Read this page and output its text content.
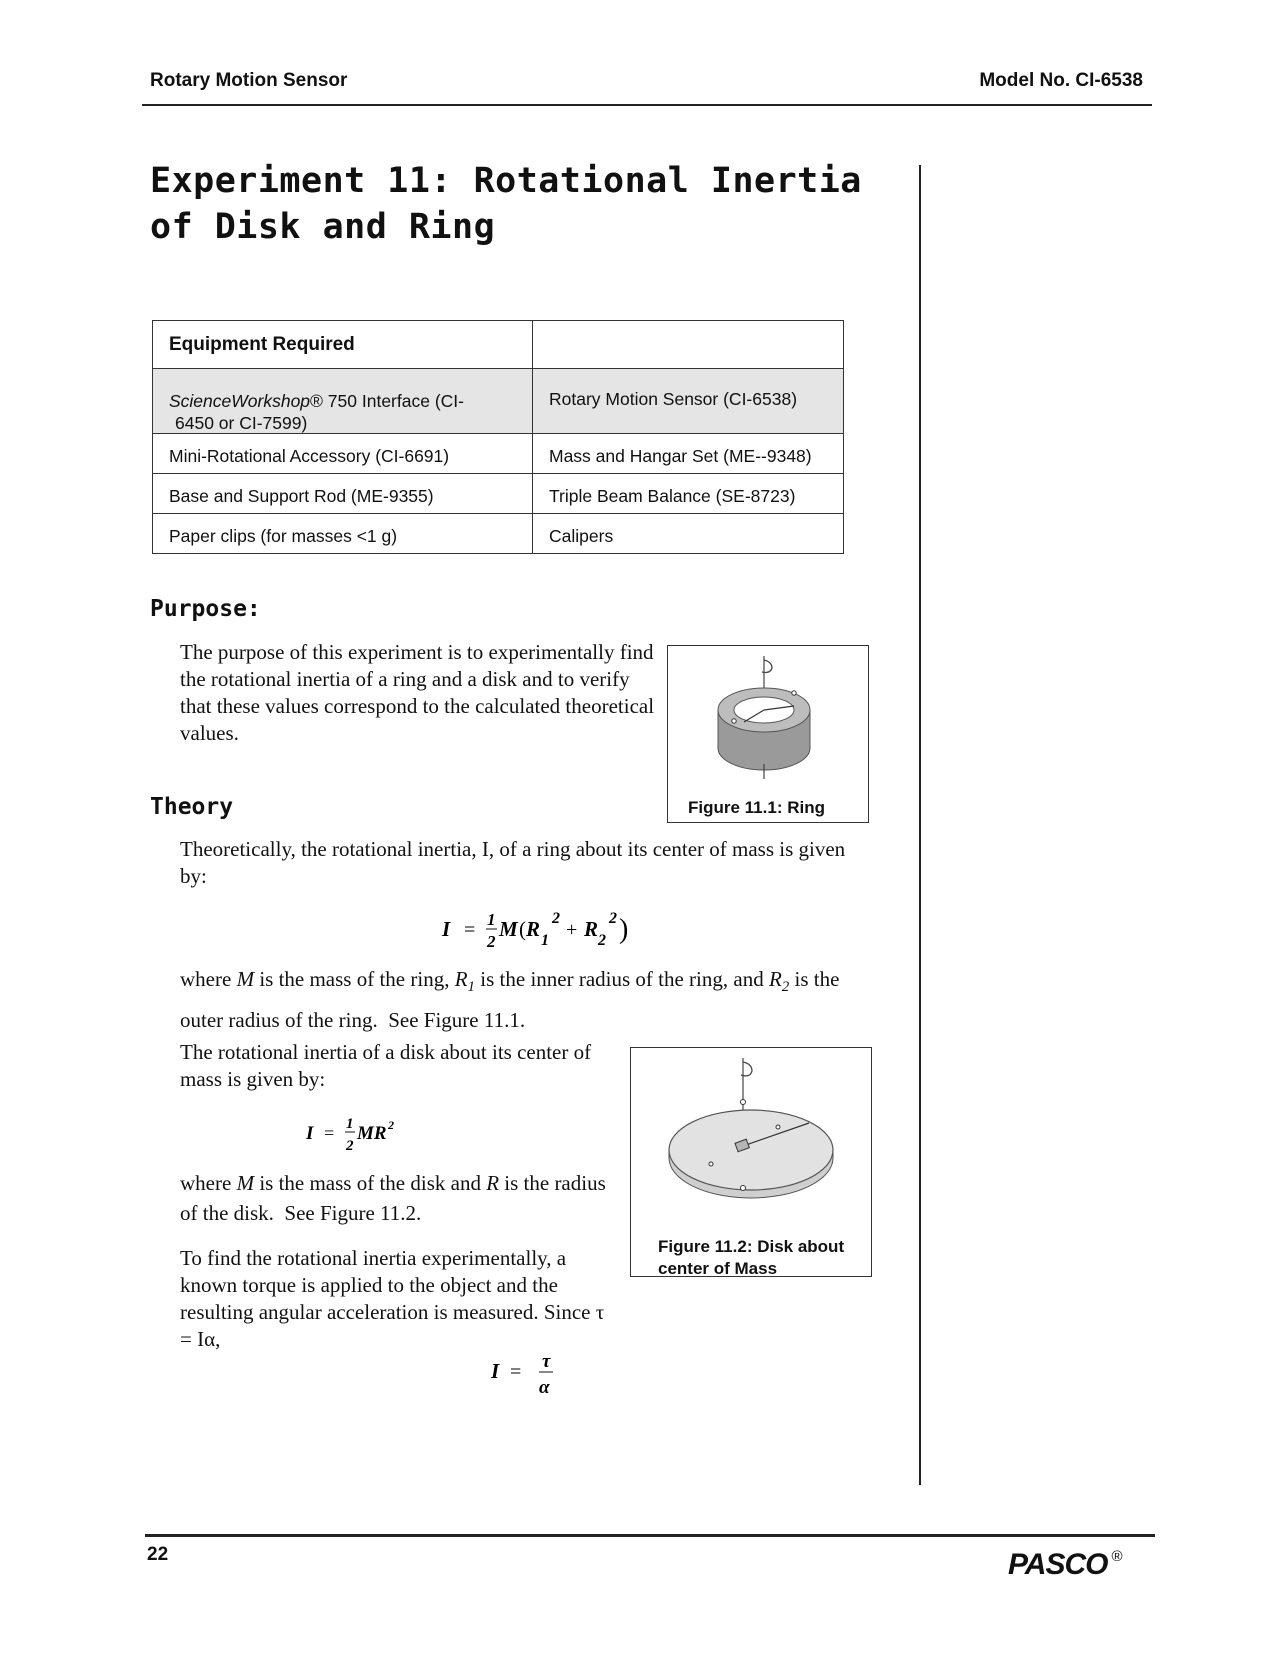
Rotary Motion Sensor	Model No. CI-6538
Experiment 11: Rotational Inertia of Disk and Ring
Equipment Required	

ScienceWorkshop® 750 Interface (CI-
6450 or CI-7599)	Rotary Motion Sensor (CI-6538)
Mini-Rotational Accessory (CI-6691)	Mass and Hangar Set (ME--9348)
Base and Support Rod (ME-9355)	Triple Beam Balance (SE-8723)
Paper clips (for masses <1 g)	Calipers
Purpose:
The purpose of this experiment is to experimentally find the rotational inertia of a ring and a disk and to verify that these values correspond to the calculated theoretical values.
Figure 11.1: Ring
Theory
Theoretically, the rotational inertia, I, of a ring about its center of mass is given by:
I = 1
2
M ( R 2
1 + R 2
2 )
where M is the mass of the ring, $R_1$ is the inner radius of the ring, and $R_2$ is the outer radius of the ring.  See Figure 11.1.
The rotational inertia of a disk about its center of mass is given by:
I = 1
2
MR 2
where M is the mass of the disk and R is the radius of the disk.  See Figure 11.2.
To find the rotational inertia experimentally, a known torque is applied to the object and the resulting angular acceleration is measured. Since τ = Iα,
I = τ
α
Figure 11.2: Disk about center of Mass
22	PASCO ®
